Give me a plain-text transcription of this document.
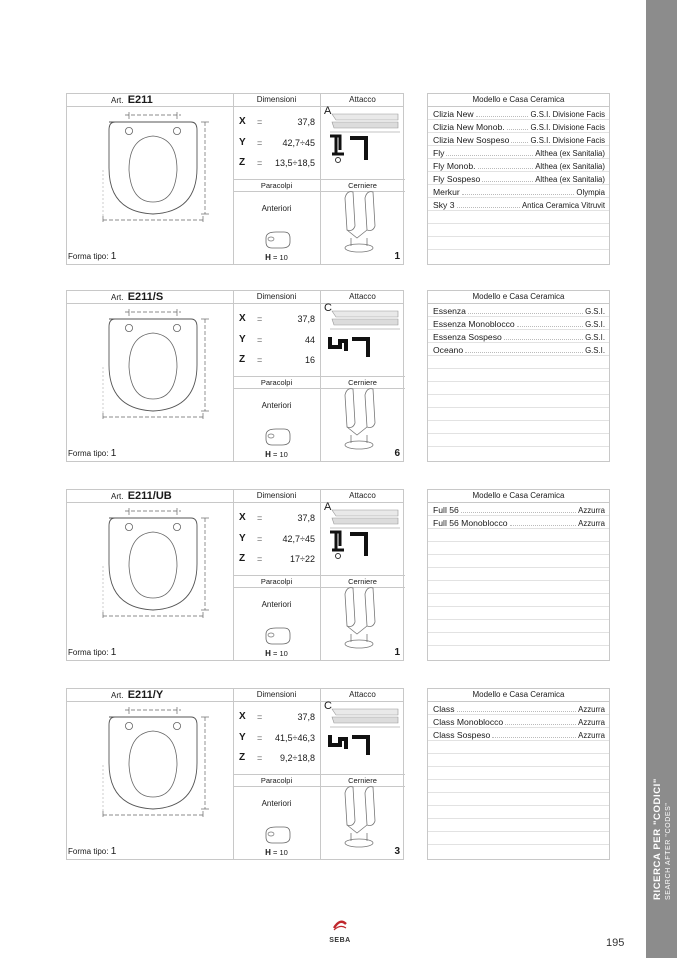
RICERCA PER "CODICI" SEARCH AFTER "CODES"
Art. E211	Dimensioni	Attacco
Forma tipo: 1
X =	37,8
Y = 42,7÷45
Z = 13,5÷18,5
A
Paracolpi	Cerniere
Anteriori
H = 10	1
Modello e Casa Ceramica
Clizia New	G.S.I. Divisione Facis
Clizia New Monob.	G.S.I. Divisione Facis
Clizia New Sospeso	G.S.I. Divisione Facis
Fly	Althea (ex Sanitalia)
Fly Monob.	Althea (ex Sanitalia)
Fly Sospeso	Althea (ex Sanitalia)
Merkur	Olympia
Sky 3	Antica Ceramica Vitruvit
Art. E211/S	Dimensioni	Attacco
Forma tipo: 1
X =	37,8
Y =	44
Z =	16
C
Paracolpi	Cerniere
Anteriori
H = 10	6
Modello e Casa Ceramica
Essenza	G.S.I.
Essenza Monoblocco	G.S.I.
Essenza Sospeso	G.S.I.
Oceano	G.S.I.
Art. E211/UB	Dimensioni	Attacco
Forma tipo: 1
X =	37,8
Y = 42,7÷45
Z =	17÷22
A
Paracolpi	Cerniere
Anteriori
H = 10	1
Modello e Casa Ceramica
Full 56	Azzurra
Full 56 Monoblocco	Azzurra
Art. E211/Y	Dimensioni	Attacco
Forma tipo: 1
X =	37,8
Y = 41,5÷46,3
Z = 9,2÷18,8
C
Paracolpi	Cerniere
Anteriori
H = 10	3
Modello e Casa Ceramica
Class	Azzurra
Class Monoblocco	Azzurra
Class Sospeso	Azzurra
SEBA	195
